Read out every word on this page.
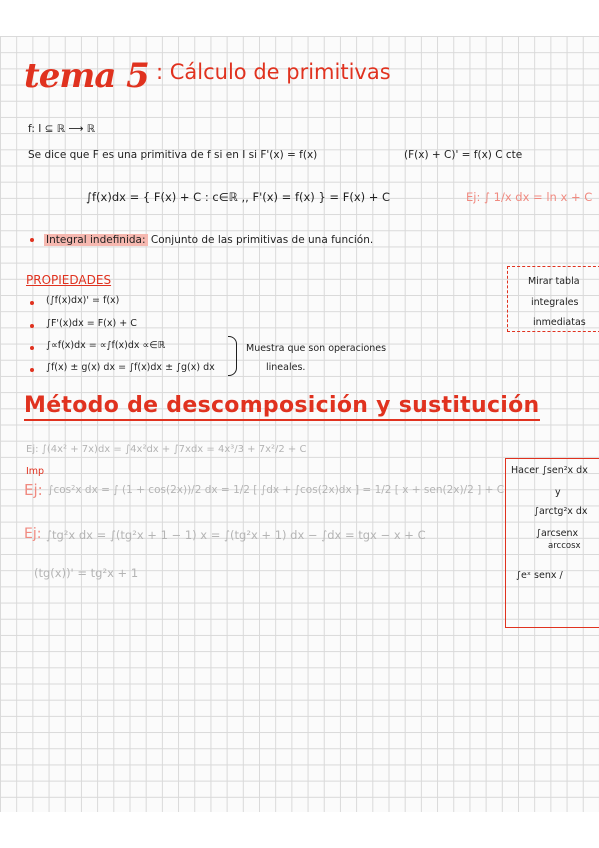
tema 5 : Cálculo de primitivas
f: I ⊆ ℝ ⟶ ℝ
Se dice que F es una primitiva de f si en I si F'(x) = f(x)	(F(x) + C)' = f(x) C cte
∫f(x)dx = { F(x) + C : c∈ℝ ,, F'(x) = f(x) } = F(x) + C	Ej: ∫ 1/x dx = ln x + C
Integral indefinida: Conjunto de las primitivas de una función.
PROPIEDADES
(∫f(x)dx)' = f(x)
∫F'(x)dx = F(x) + C
∫∝f(x)dx = ∝∫f(x)dx ∝∈ℝ
∫f(x) ± g(x) dx = ∫f(x)dx ± ∫g(x) dx
Muestra que son operaciones
lineales.
Mirar tabla
integrales
inmediatas
Método de descomposición y sustitución
Ej: ∫(4x² + 7x)dx = ∫4x²dx + ∫7xdx = 4x³/3 + 7x²/2 + C
Imp
Ej: ∫cos²x dx = ∫ (1 + cos(2x))/2 dx = 1/2 [ ∫dx + ∫cos(2x)dx ] = 1/2 [ x + sen(2x)/2 ] + C
Ej: ∫tg²x dx = ∫(tg²x + 1 − 1) x = ∫(tg²x + 1) dx − ∫dx = tgx − x + C
(tg(x))' = tg²x + 1
Hacer ∫sen²x dx
y
∫arctg²x dx
∫arcsenx
arccosx
∫eˣ senx /
